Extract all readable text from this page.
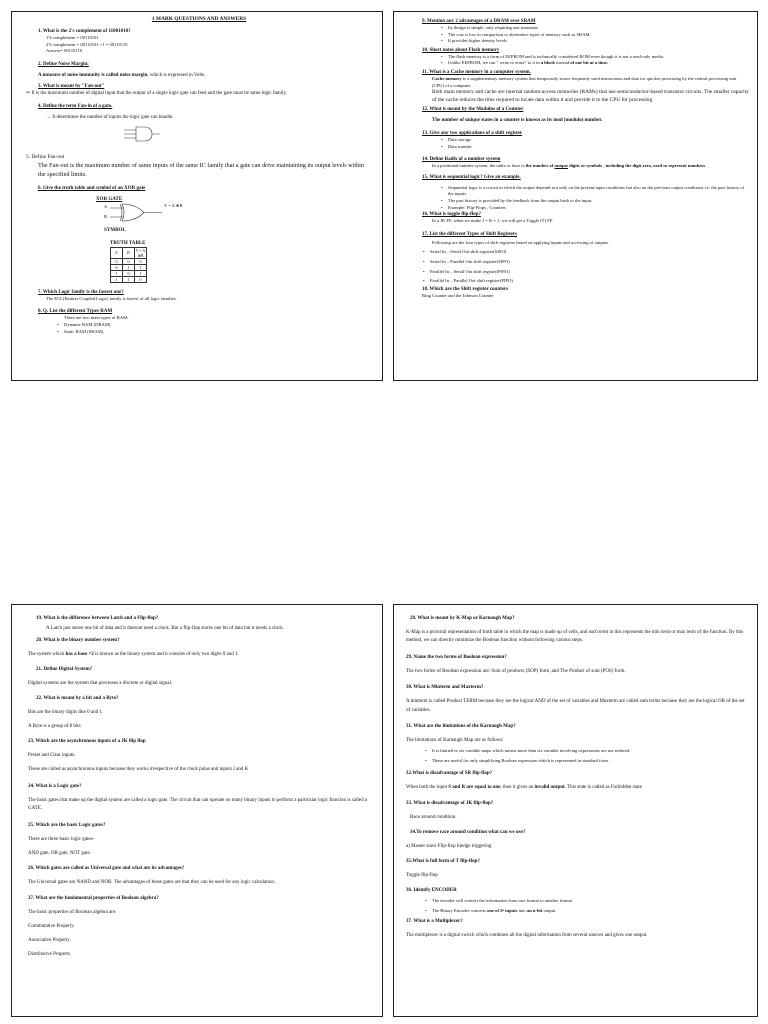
1 MARK QUESTIONS AND ANSWERS

1. What is the 2's complement of 11001010?

1'S complement = 00110101

2'S complement = 00110101 +1 = 00110110

Answer= 00110110

2. Define Noise Margin:

A measure of noise immunity is called noise margin, which is expressed in Volts.

3. What is meant by "Fan-out"

⇒ It is the maximum number of digital input that the output of a single logic gate can feed and the gate must be same logic family.

4. Define the term Fan-in of a gate.

→ It determines the number of inputs the logic gate can handle.

5. Define Fan-out

The Fan-out is the maximum number of same inputs of the same IC family that a gate can drive maintaining its output levels within the specified limits.

6. Give the truth table and symbol of an XOR gate

XOR GATE

A
B
Y = A ⊕B

SYMBOL

TRUTH TABLE

A	B	Y = A ⊕B
0	0	0
0	1	1
1	0	1
1	1	0

7. Which Logic family is the fastest one?

The ECL(Emitter Coupled Logic) family is fastest of all logic families.

8. Q. List the different Types RAM

There are two main types of RAM:

• Dynamic RAM (DRAM)
• Static RAM (SRAM).

9. Mention any 2 advantages of a DRAM over SRAM

• Its design is simple, only requiring one transistor.
• The cost is low in comparison to alternative types of memory such as SRAM.
• It provides higher density levels

10. Short notes about Flash memory

• The flash memory is a form of EEPROM and is technically considered ROM even though it is not a read-only media.
• Unlike EEPROM, we can " write or erase" to it in a block instead of one bit at a time.

11. What is a Cache memory in a computer system.

Cache memory is a supplementary memory system that temporarily stores frequently used instructions and data for quicker processing by the central processing unit (CPU) of a computer.

Both main memory and cache are internal random-access memories (RAMs) that use semiconductor-based transistor circuits. The smaller capacity of the cache reduces the time required to locate data within it and provide it to the CPU for processing.

12. What is meant by the Modulus of a Counter

The number of unique states in a counter is known as its mod (modulo) number.

13. Give any two applications of a shift register

• Data storage
• Data transfer

14. Define Radix of a number system

In a positional number system, the radix or base is the number of unique digits or symbols , including the digit zero, used to represent numbers

15. What is sequential logic? Give an example.

• Sequential logic is a circuit in which the output depends not only on the present input conditions but also on the previous output conditions i.e. the past history of the inputs.
• The past history is provided by the feedback from the output back to the input.
• Example: Flip-Flops , Counters

16. What is toggle flip-flop?

In a JK FF, when we make J = K = 1, we will get a Toggle (T) FF.

17. List the different Types of Shift Registers

Following are the four types of shift registers based on applying inputs and accessing of outputs.

• Serial In – Serial Out shift register(SISO)
• Serial In – Parallel Out shift register(SIPO)
• Parallel In – Serial Out shift register(PISO)
• Parallel In – Parallel Out shift register(PIPO)

18. Which are the Shift register counters

Ring Counter and the Johnson Counter

19. What is the difference between Latch and a Flip-flop?

A Latch just stores one bit of data and it doesnot need a clock. But a flip-flop stores one bit of data but it needs a clock.

20. What is the binary number system?

The system which has a base =2 is known as the binary system and it consists of only two digits 0 and 1.

21. Define Digital System?

Digital systems are the system that processes a discrete or digital signal.

22. What is meant by a bit and a Byte?

Bits are the binary digits like 0 and 1.

A Byte is a group of 8 bits

23. Which are the asynchronous inputs of a JK flip flop

Preset and Clear inputs.

These are called as asynchronous inputs because they works irrespective of the clock pulse and inputs J and K

24. What is a Logic gate?

The basic gates that make up the digital system are called a logic gate. The circuit that can operate on many binary inputs to perform a particular logic function is called a GATE.

25. Which are the basic Logic gates?

There are three basic logic gates-

AND gate, OR gate, NOT gate.

26. Which gates are called as Universal gate and what are its advantages?

The Universal gates are NAND and NOR. The advantages of these gates are that they can be used for any logic calculation.

27. What are the fundamental properties of Boolean algebra?

The basic properties of Boolean algebra are:

Commutative Property.

Associative Property.

Distributive Property.

28. What is meant by K-Map or Karnaugh Map?

K-Map is a pictorial representation of truth table in which the map is made up of cells, and each term in this represents the min term or max term of the function. By this method, we can directly minimize the Boolean function without following various steps.

29. Name the two forms of Boolean expression?

The two forms of Boolean expression are: Sum of products (SOP) form ,and The Product of sum (POS) form.

30. What is Minterm and Maxterm?

A minterm is called Product TERM because they are the logical AND of the set of variables and Maxterm are called sum terms because they are the logical OR of the set of variables.

31. What are the limitations of the Karnaugh Map?

The limitations of Karnaugh Map are as follows:

• It is limited to six variable maps which means more than six variable involving expressions are not reduced.
• These are useful for only simplifying Boolean expression which is represented in standard form.

32.What is disadvantage of SR flip-flop?

When both the input S and R are equal to one, then it gives an invalid output. This state is called as Forbidden state

33. What is disadvantage of JK flip-flop?

Race around condition.

34.To remove race around condition what can we use?

a) Master slave Flip-flop b)edge triggering

35.What is full form of T flip-flop?

Toggle flip-flop

36. Identify ENCODER

• The encoder will convert the information from one format to another format
• The Binary Encoder converts one of 2ⁿ inputs into an n-bit output.

37. What is a Multiplexer?

The multiplexer is a digital switch which combines all the digital information from several sources and gives one output.
